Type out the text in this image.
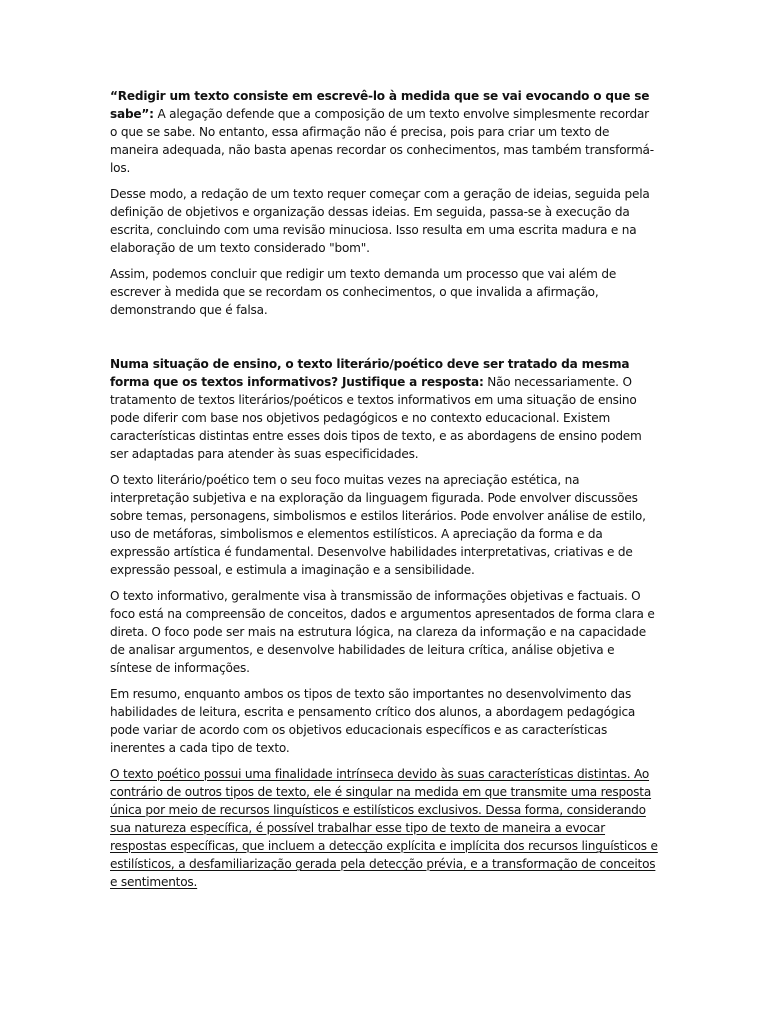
“Redigir um texto consiste em escrevê-lo à medida que se vai evocando o que se sabe”: A alegação defende que a composição de um texto envolve simplesmente recordar o que se sabe. No entanto, essa afirmação não é precisa, pois para criar um texto de maneira adequada, não basta apenas recordar os conhecimentos, mas também transformá-los.

Desse modo, a redação de um texto requer começar com a geração de ideias, seguida pela definição de objetivos e organização dessas ideias. Em seguida, passa-se à execução da escrita, concluindo com uma revisão minuciosa. Isso resulta em uma escrita madura e na elaboração de um texto considerado "bom".

Assim, podemos concluir que redigir um texto demanda um processo que vai além de escrever à medida que se recordam os conhecimentos, o que invalida a afirmação, demonstrando que é falsa.

Numa situação de ensino, o texto literário/poético deve ser tratado da mesma forma que os textos informativos? Justifique a resposta: Não necessariamente. O tratamento de textos literários/poéticos e textos informativos em uma situação de ensino pode diferir com base nos objetivos pedagógicos e no contexto educacional. Existem características distintas entre esses dois tipos de texto, e as abordagens de ensino podem ser adaptadas para atender às suas especificidades.

O texto literário/poético tem o seu foco muitas vezes na apreciação estética, na interpretação subjetiva e na exploração da linguagem figurada. Pode envolver discussões sobre temas, personagens, simbolismos e estilos literários. Pode envolver análise de estilo, uso de metáforas, simbolismos e elementos estilísticos. A apreciação da forma e da expressão artística é fundamental. Desenvolve habilidades interpretativas, criativas e de expressão pessoal, e estimula a imaginação e a sensibilidade.

O texto informativo, geralmente visa à transmissão de informações objetivas e factuais. O foco está na compreensão de conceitos, dados e argumentos apresentados de forma clara e direta. O foco pode ser mais na estrutura lógica, na clareza da informação e na capacidade de analisar argumentos, e desenvolve habilidades de leitura crítica, análise objetiva e síntese de informações.

Em resumo, enquanto ambos os tipos de texto são importantes no desenvolvimento das habilidades de leitura, escrita e pensamento crítico dos alunos, a abordagem pedagógica pode variar de acordo com os objetivos educacionais específicos e as características inerentes a cada tipo de texto.

O texto poético possui uma finalidade intrínseca devido às suas características distintas. Ao contrário de outros tipos de texto, ele é singular na medida em que transmite uma resposta única por meio de recursos linguísticos e estilísticos exclusivos. Dessa forma, considerando sua natureza específica, é possível trabalhar esse tipo de texto de maneira a evocar respostas específicas, que incluem a detecção explícita e implícita dos recursos linguísticos e estilísticos, a desfamiliarização gerada pela detecção prévia, e a transformação de conceitos e sentimentos.
